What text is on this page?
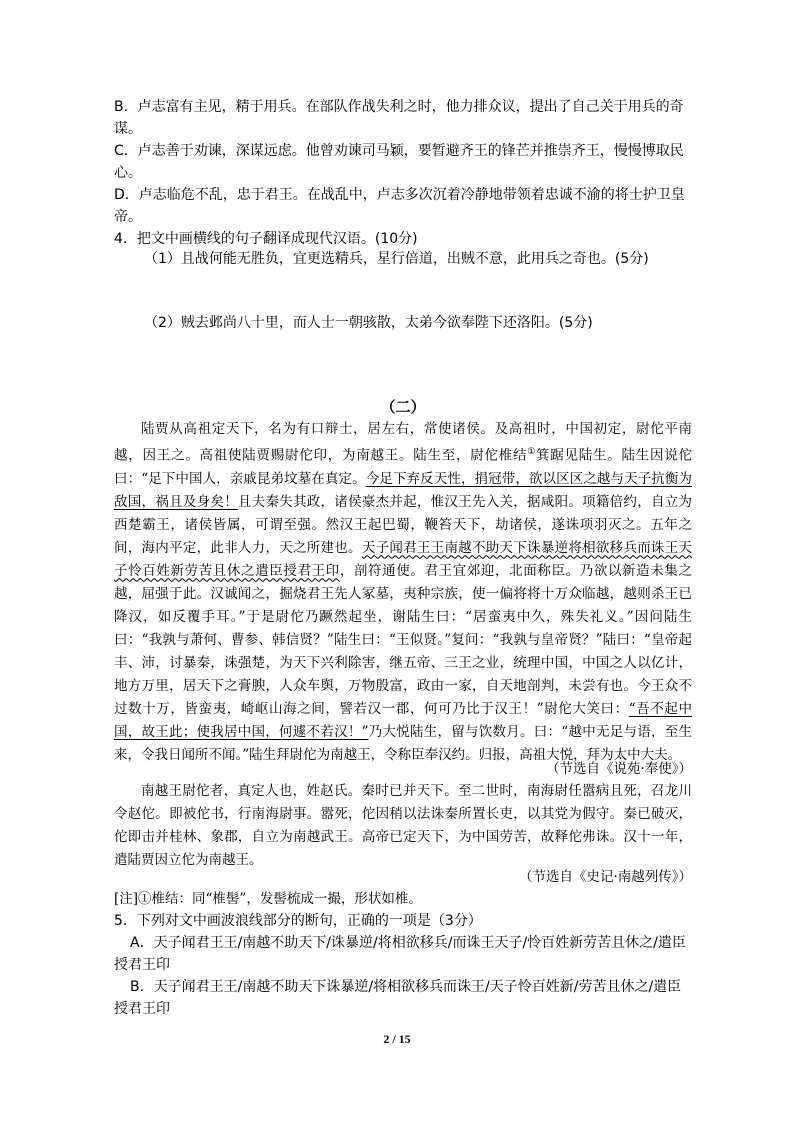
B．卢志富有主见，精于用兵。在部队作战失利之时，他力排众议，提出了自己关于用兵的奇谋。

C．卢志善于劝谏，深谋远虑。他曾劝谏司马颖，要暂避齐王的锋芒并推崇齐王，慢慢博取民心。

D．卢志临危不乱，忠于君王。在战乱中，卢志多次沉着冷静地带领着忠诚不渝的将士护卫皇帝。

4．把文中画横线的句子翻译成现代汉语。(10分)

（1）且战何能无胜负，宜更选精兵，星行倍道，出贼不意，此用兵之奇也。(5分)

（2）贼去邺尚八十里，而人士一朝骇散，太弟今欲奉陛下还洛阳。(5分)

（二）

陆贾从高祖定天下，名为有口辩士，居左右，常使诸侯。及高祖时，中国初定，尉佗平南越，因王之。高祖使陆贾赐尉佗印，为南越王。陆生至，尉佗椎结①箕踞见陆生。陆生因说佗曰：“足下中国人，亲戚昆弟坟墓在真定。今足下弃反天性，捐冠带，欲以区区之越与天子抗衡为敌国，祸且及身矣！且夫秦失其政，诸侯豪杰并起，惟汉王先入关，据咸阳。项籍倍约，自立为西楚霸王，诸侯皆属，可谓至强。然汉王起巴蜀，鞭笞天下，劫诸侯，遂诛项羽灭之。五年之间，海内平定，此非人力，天之所建也。天子闻君王王南越不助天下诛暴逆将相欲移兵而诛王天子怜百姓新劳苦且休之遣臣授君王印，剖符通使。君王宜郊迎，北面称臣。乃欲以新造未集之越，屈强于此。汉诚闻之，掘烧君王先人冢墓，夷种宗族，使一偏将将十万众临越，越则杀王已降汉，如反覆手耳。”于是尉佗乃蹶然起坐，谢陆生曰：“居蛮夷中久，殊失礼义。”因问陆生曰：“我孰与萧何、曹参、韩信贤？”陆生曰：“王似贤。”复问：“我孰与皇帝贤？”陆曰：“皇帝起丰、沛，讨暴秦，诛强楚，为天下兴利除害，继五帝、三王之业，统理中国，中国之人以亿计，地方万里，居天下之膏腴，人众车舆，万物殷富，政由一家，自天地剖判，未尝有也。今王众不过数十万，皆蛮夷，崎岖山海之间，譬若汉一郡，何可乃比于汉王！”尉佗大笑曰：“吾不起中国，故王此；使我居中国，何遽不若汉！”乃大悦陆生，留与饮数月。曰：“越中无足与语，至生来，令我日闻所不闻。”陆生拜尉佗为南越王，令称臣奉汉约。归报，高祖大悦，拜为太中大夫。

（节选自《说苑·奉使》）

南越王尉佗者，真定人也，姓赵氏。秦时已并天下。至二世时，南海尉任嚣病且死，召龙川令赵佗。即被佗书，行南海尉事。嚣死，佗因稍以法诛秦所置长吏，以其党为假守。秦已破灭，佗即击并桂林、象郡，自立为南越武王。高帝已定天下，为中国劳苦，故释佗弗诛。汉十一年，遣陆贾因立佗为南越王。

（节选自《史记·南越列传》）

[注]①椎结：同“椎髻”，发髻梳成一撮，形状如椎。

5．下列对文中画波浪线部分的断句，正确的一项是（3分）

A．天子闻君王王/南越不助天下/诛暴逆/将相欲移兵/而诛王天子/怜百姓新劳苦且休之/遣臣授君王印

B．天子闻君王王/南越不助天下诛暴逆/将相欲移兵而诛王/天子怜百姓新/劳苦且休之/遣臣授君王印

2 / 15
